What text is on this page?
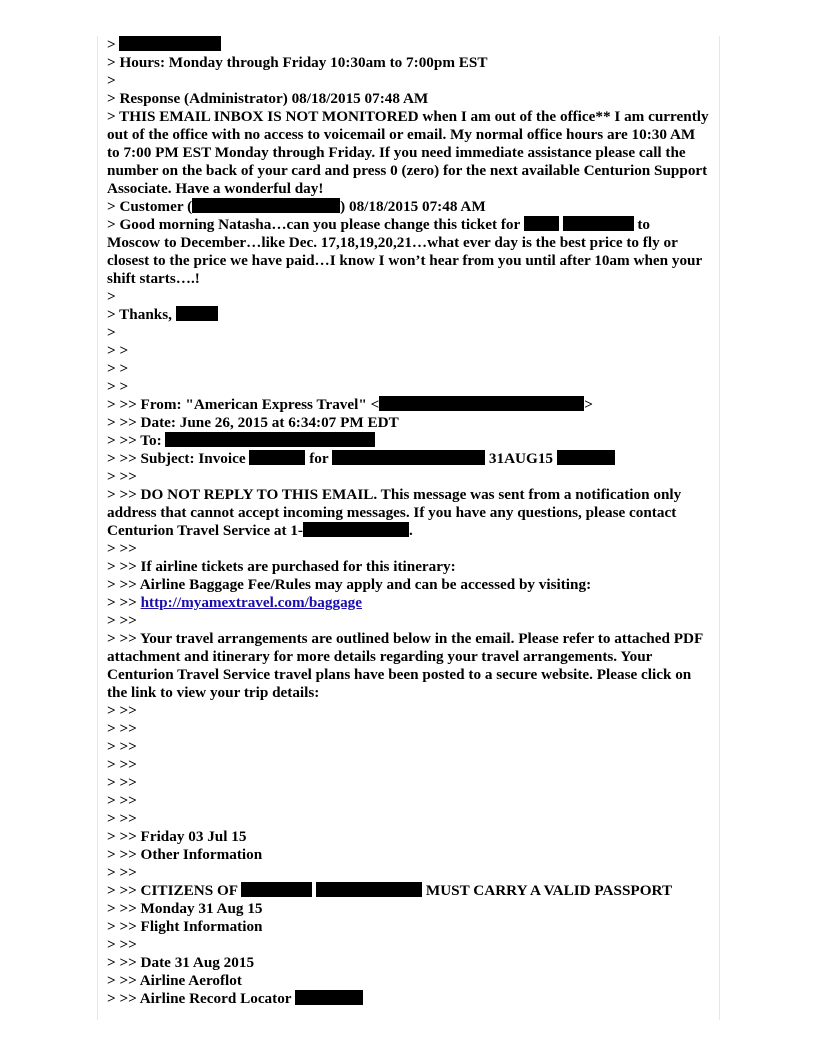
>
> Hours: Monday through Friday 10:30am to 7:00pm EST
>
> Response (Administrator) 08/18/2015 07:48 AM
> THIS EMAIL INBOX IS NOT MONITORED when I am out of the office** I am currently out of the office with no access to voicemail or email. My normal office hours are 10:30 AM to 7:00 PM EST Monday through Friday. If you need immediate assistance please call the number on the back of your card and press 0 (zero) for the next available Centurion Support Associate. Have a wonderful day!
> Customer (	) 08/18/2015 07:48 AM
> Good morning Natasha…can you please change this ticket for	to
Moscow to December…like Dec. 17,18,19,20,21…what ever day is the best price to fly or closest to the price we have paid…I know I won’t hear from you until after 10am when your shift starts….!
>
> Thanks,
>
> >
> >
> >
> >> From: "American Express Travel" <	>
> >> Date: June 26, 2015 at 6:34:07 PM EDT
> >> To:
> >> Subject: Invoice	for	31AUG15
> >>
> >> DO NOT REPLY TO THIS EMAIL. This message was sent from a notification only address that cannot accept incoming messages. If you have any questions, please contact Centurion Travel Service at 1-	.
> >>
> >> If airline tickets are purchased for this itinerary:
> >> Airline Baggage Fee/Rules may apply and can be accessed by visiting:
> >> http://myamextravel.com/baggage
> >>
> >> Your travel arrangements are outlined below in the email. Please refer to attached PDF attachment and itinerary for more details regarding your travel arrangements. Your Centurion Travel Service travel plans have been posted to a secure website. Please click on the link to view your trip details:
> >>
> >>
> >>
> >>
> >>
> >>
> >>
> >> Friday 03 Jul 15
> >> Other Information
> >>
> >> CITIZENS OF	MUST CARRY A VALID PASSPORT
> >> Monday 31 Aug 15
> >> Flight Information
> >>
> >> Date 31 Aug 2015
> >> Airline Aeroflot
> >> Airline Record Locator
